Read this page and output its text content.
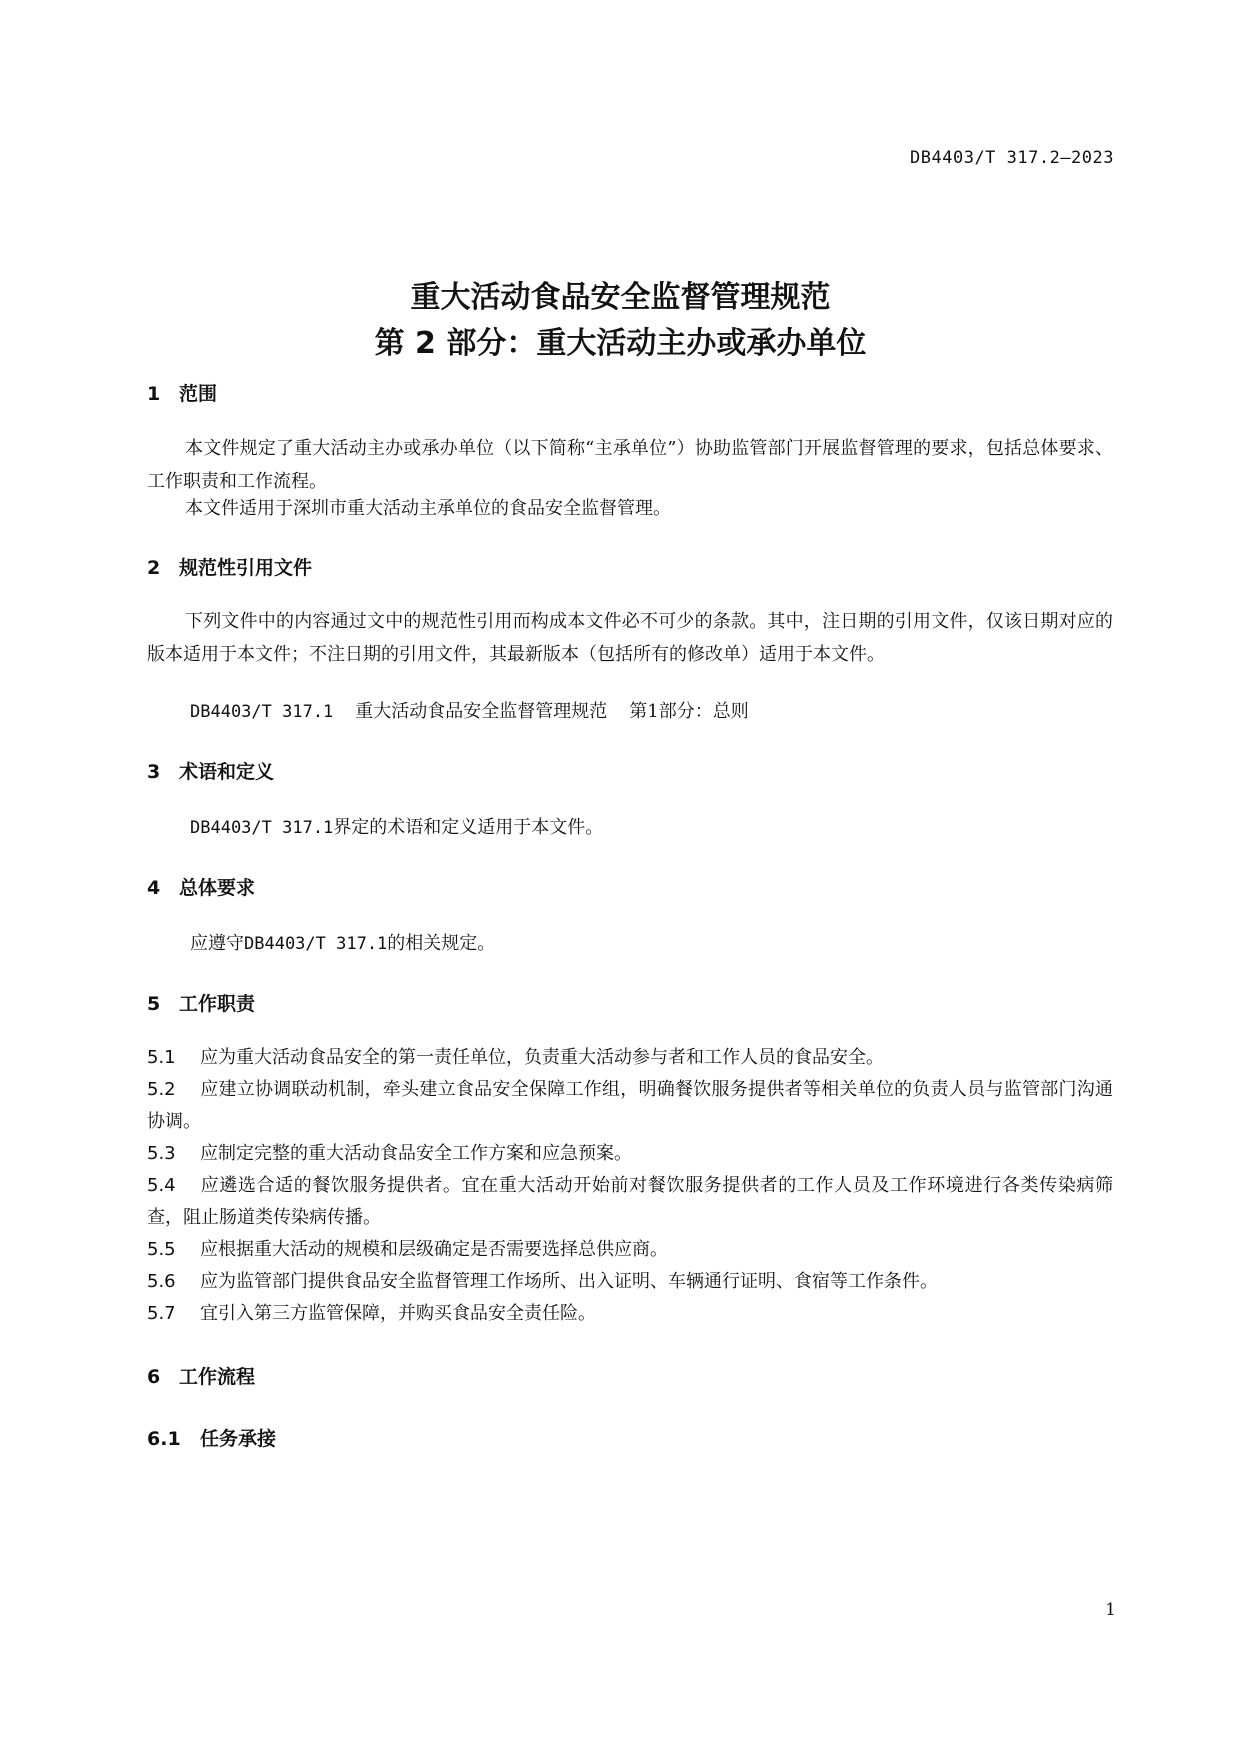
DB4403/T 317.2—2023
重大活动食品安全监督管理规范
第 2 部分：重大活动主办或承办单位
1 范围
本文件规定了重大活动主办或承办单位（以下简称“主承单位”）协助监管部门开展监督管理的要求，包括总体要求、工作职责和工作流程。
本文件适用于深圳市重大活动主承单位的食品安全监督管理。
2 规范性引用文件
下列文件中的内容通过文中的规范性引用而构成本文件必不可少的条款。其中，注日期的引用文件，仅该日期对应的版本适用于本文件；不注日期的引用文件，其最新版本（包括所有的修改单）适用于本文件。
DB4403/T 317.1 重大活动食品安全监督管理规范 第1部分：总则
3 术语和定义
DB4403/T 317.1界定的术语和定义适用于本文件。
4 总体要求
应遵守DB4403/T 317.1的相关规定。
5 工作职责
5.1 应为重大活动食品安全的第一责任单位，负责重大活动参与者和工作人员的食品安全。
5.2 应建立协调联动机制，牵头建立食品安全保障工作组，明确餐饮服务提供者等相关单位的负责人员与监管部门沟通协调。
5.3 应制定完整的重大活动食品安全工作方案和应急预案。
5.4 应遴选合适的餐饮服务提供者。宜在重大活动开始前对餐饮服务提供者的工作人员及工作环境进行各类传染病筛查，阻止肠道类传染病传播。
5.5 应根据重大活动的规模和层级确定是否需要选择总供应商。
5.6 应为监管部门提供食品安全监督管理工作场所、出入证明、车辆通行证明、食宿等工作条件。
5.7 宜引入第三方监管保障，并购买食品安全责任险。
6 工作流程
6.1 任务承接
1
